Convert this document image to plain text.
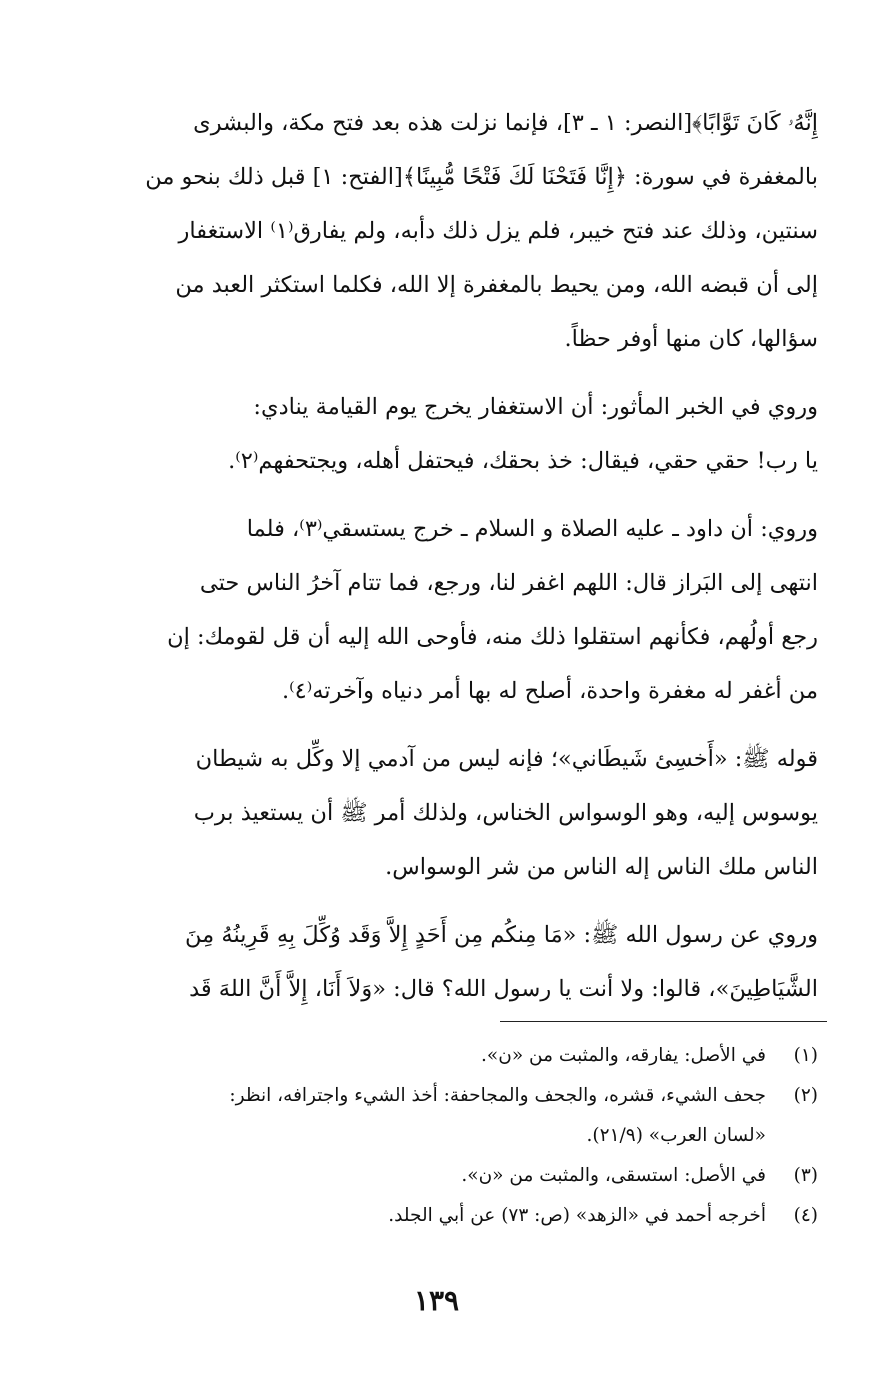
إِنَّهُۥ كَانَ تَوَّابًا﴾[النصر: ١ ـ ٣]، فإنما نزلت هذه بعد فتح مكة، والبشرى
بالمغفرة في سورة: ﴿إِنَّا فَتَحْنَا لَكَ فَتْحًا مُّبِينًا﴾[الفتح: ١] قبل ذلك بنحو من
سنتين، وذلك عند فتح خيبر، فلم يزل ذلك دأبه، ولم يفارق⁽١⁾ الاستغفار
إلى أن قبضه الله، ومن يحيط بالمغفرة إلا الله، فكلما استكثر العبد من
سؤالها، كان منها أوفر حظاً.

وروي في الخبر المأثور: أن الاستغفار يخرج يوم القيامة ينادي:
يا رب! حقي حقي، فيقال: خذ بحقك، فيحتفل أهله، ويجتحفهم⁽٢⁾.

وروي: أن داود ـ عليه الصلاة و السلام ـ خرج يستسقي⁽٣⁾، فلما
انتهى إلى البَراز قال: اللهم اغفر لنا، ورجع، فما تتام آخرُ الناس حتى
رجع أولُهم، فكأنهم استقلوا ذلك منه، فأوحى الله إليه أن قل لقومك: إن
من أغفر له مغفرة واحدة، أصلح له بها أمر دنياه وآخرته⁽٤⁾.

قوله ﷺ: «أَخسِئ شَيطَاني»؛ فإنه ليس من آدمي إلا وكِّل به شيطان
يوسوس إليه، وهو الوسواس الخناس، ولذلك أمر ﷺ أن يستعيذ برب
الناس ملك الناس إله الناس من شر الوسواس.

وروي عن رسول الله ﷺ: «مَا مِنكُم مِن أَحَدٍ إِلاَّ وَقَد وُكِّلَ بِهِ قَرِينُهُ مِنَ
الشَّيَاطِينَ»، قالوا: ولا أنت يا رسول الله؟ قال: «وَلاَ أَنَا، إِلاَّ أَنَّ اللهَ قَد

(١)
في الأصل: يفارقه، والمثبت من «ن».
(٢)
جحف الشيء، قشره، والجحف والمجاحفة: أخذ الشيء واجترافه، انظر:
«لسان العرب» (٢١/٩).
(٣)
في الأصل: استسقى، والمثبت من «ن».
(٤)
أخرجه أحمد في «الزهد» (ص: ٧٣) عن أبي الجلد.
١٣٩
